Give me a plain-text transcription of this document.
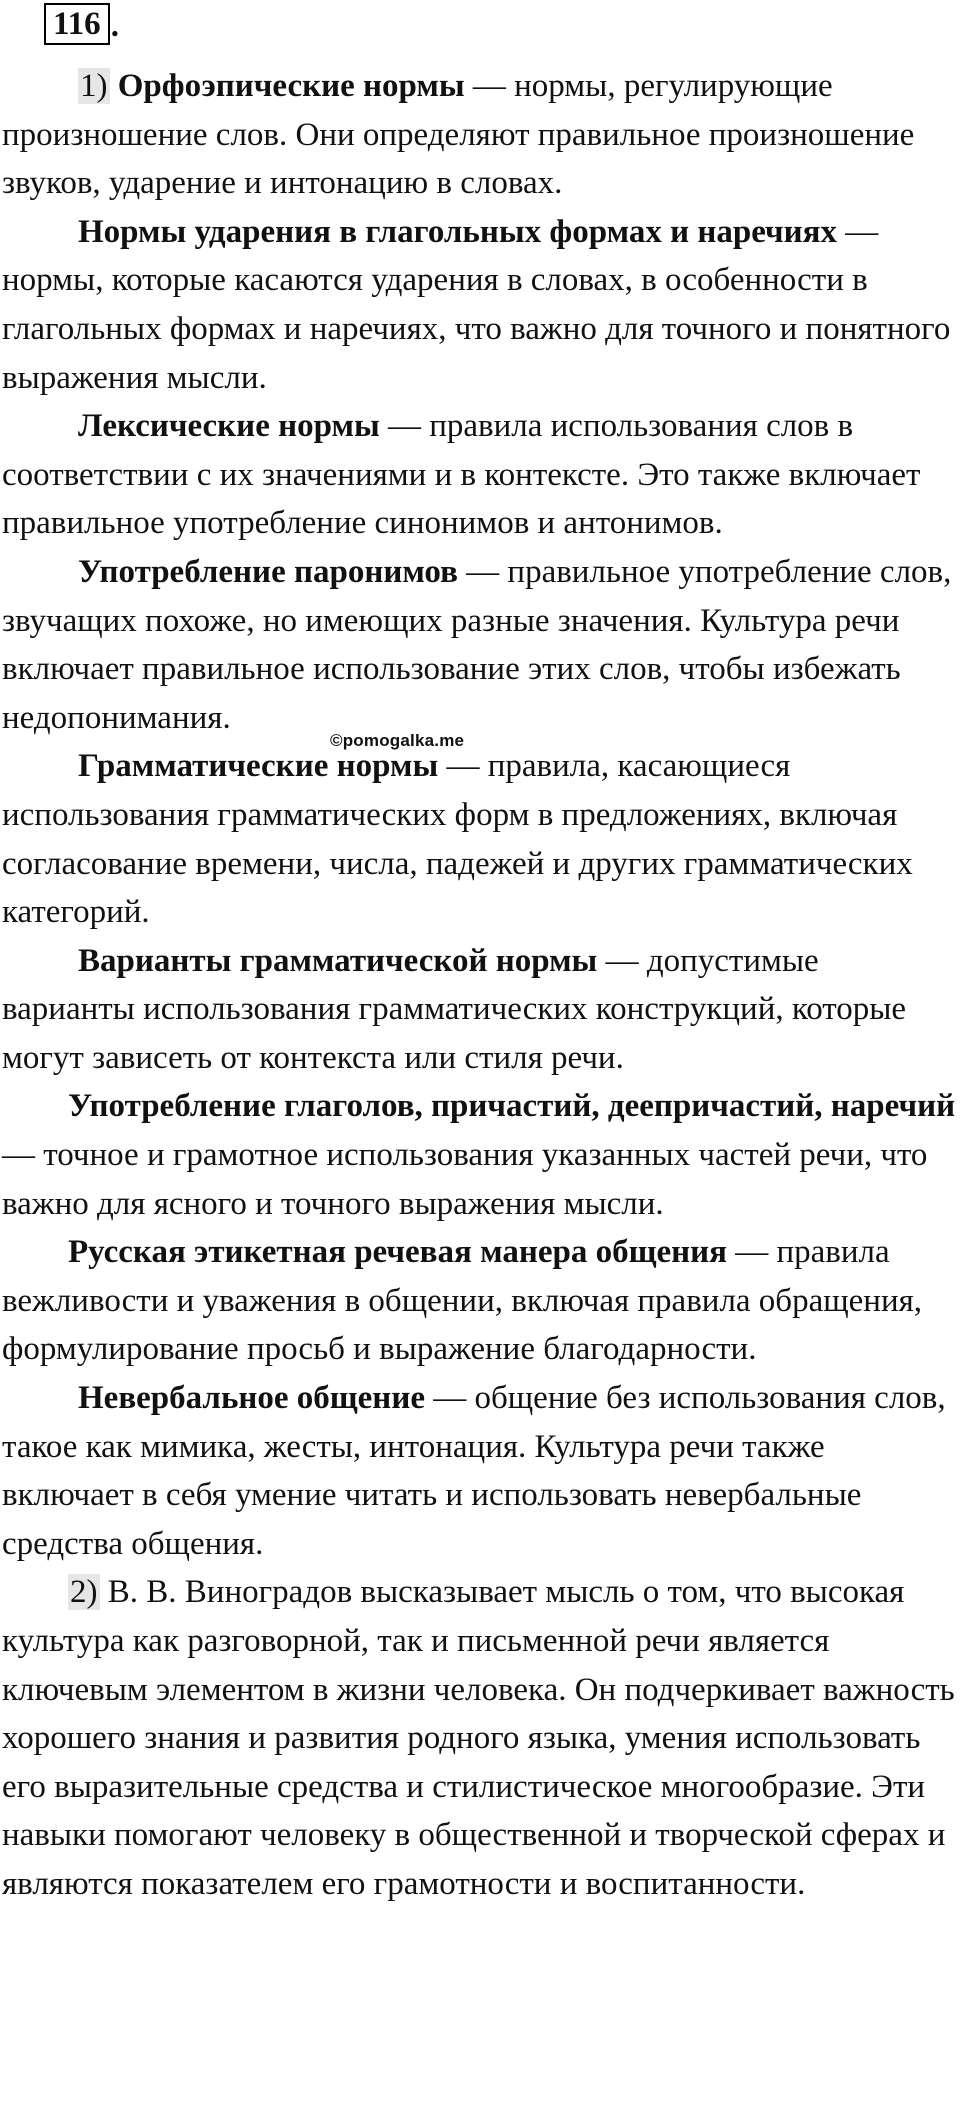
116 .

1) Орфоэпические нормы — нормы, регулирующие произношение слов. Они определяют правильное произношение звуков, ударение и интонацию в словах.

Нормы ударения в глагольных формах и наречиях — нормы, которые касаются ударения в словах, в особенности в глагольных формах и наречиях, что важно для точного и понятного выражения мысли.

Лексические нормы — правила использования слов в соответствии с их значениями и в контексте. Это также включает правильное употребление синонимов и антонимов.

Употребление паронимов — правильное употребление слов, звучащих похоже, но имеющих разные значения. Культура речи включает правильное использование этих слов, чтобы избежать недопонимания.

Грамматические нормы — правила, касающиеся использования грамматических форм в предложениях, включая согласование времени, числа, падежей и других грамматических категорий.

Варианты грамматической нормы — допустимые варианты использования грамматических конструкций, которые могут зависеть от контекста или стиля речи.

Употребление глаголов, причастий, деепричастий, наречий — точное и грамотное использования указанных частей речи, что важно для ясного и точного выражения мысли.

Русская этикетная речевая манера общения — правила вежливости и уважения в общении, включая правила обращения, формулирование просьб и выражение благодарности.

Невербальное общение — общение без использования слов, такое как мимика, жесты, интонация. Культура речи также включает в себя умение читать и использовать невербальные средства общения.

2) В. В. Виноградов высказывает мысль о том, что высокая культура как разговорной, так и письменной речи является ключевым элементом в жизни человека. Он подчеркивает важность хорошего знания и развития родного языка, умения использовать его выразительные средства и стилистическое многообразие. Эти навыки помогают человеку в общественной и творческой сферах и являются показателем его грамотности и воспитанности.

©pomogalka.me
